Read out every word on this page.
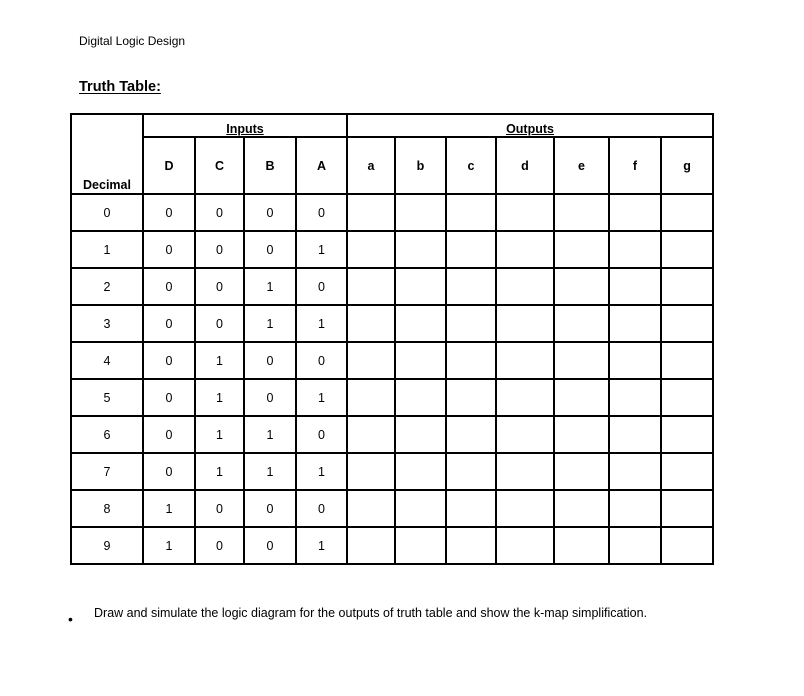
Digital Logic Design
Truth Table:
	Inputs				Outputs						
Decimal	D	C	B	A	a	b	c	d	e	f	g

0	0	0	0	0							
1	0	0	0	1							
2	0	0	1	0							
3	0	0	1	1							
4	0	1	0	0							
5	0	1	0	1							
6	0	1	1	0							
7	0	1	1	1							
8	1	0	0	0							
9	1	0	0	1							
• Draw and simulate the logic diagram for the outputs of truth table and show the k-map simplification.
